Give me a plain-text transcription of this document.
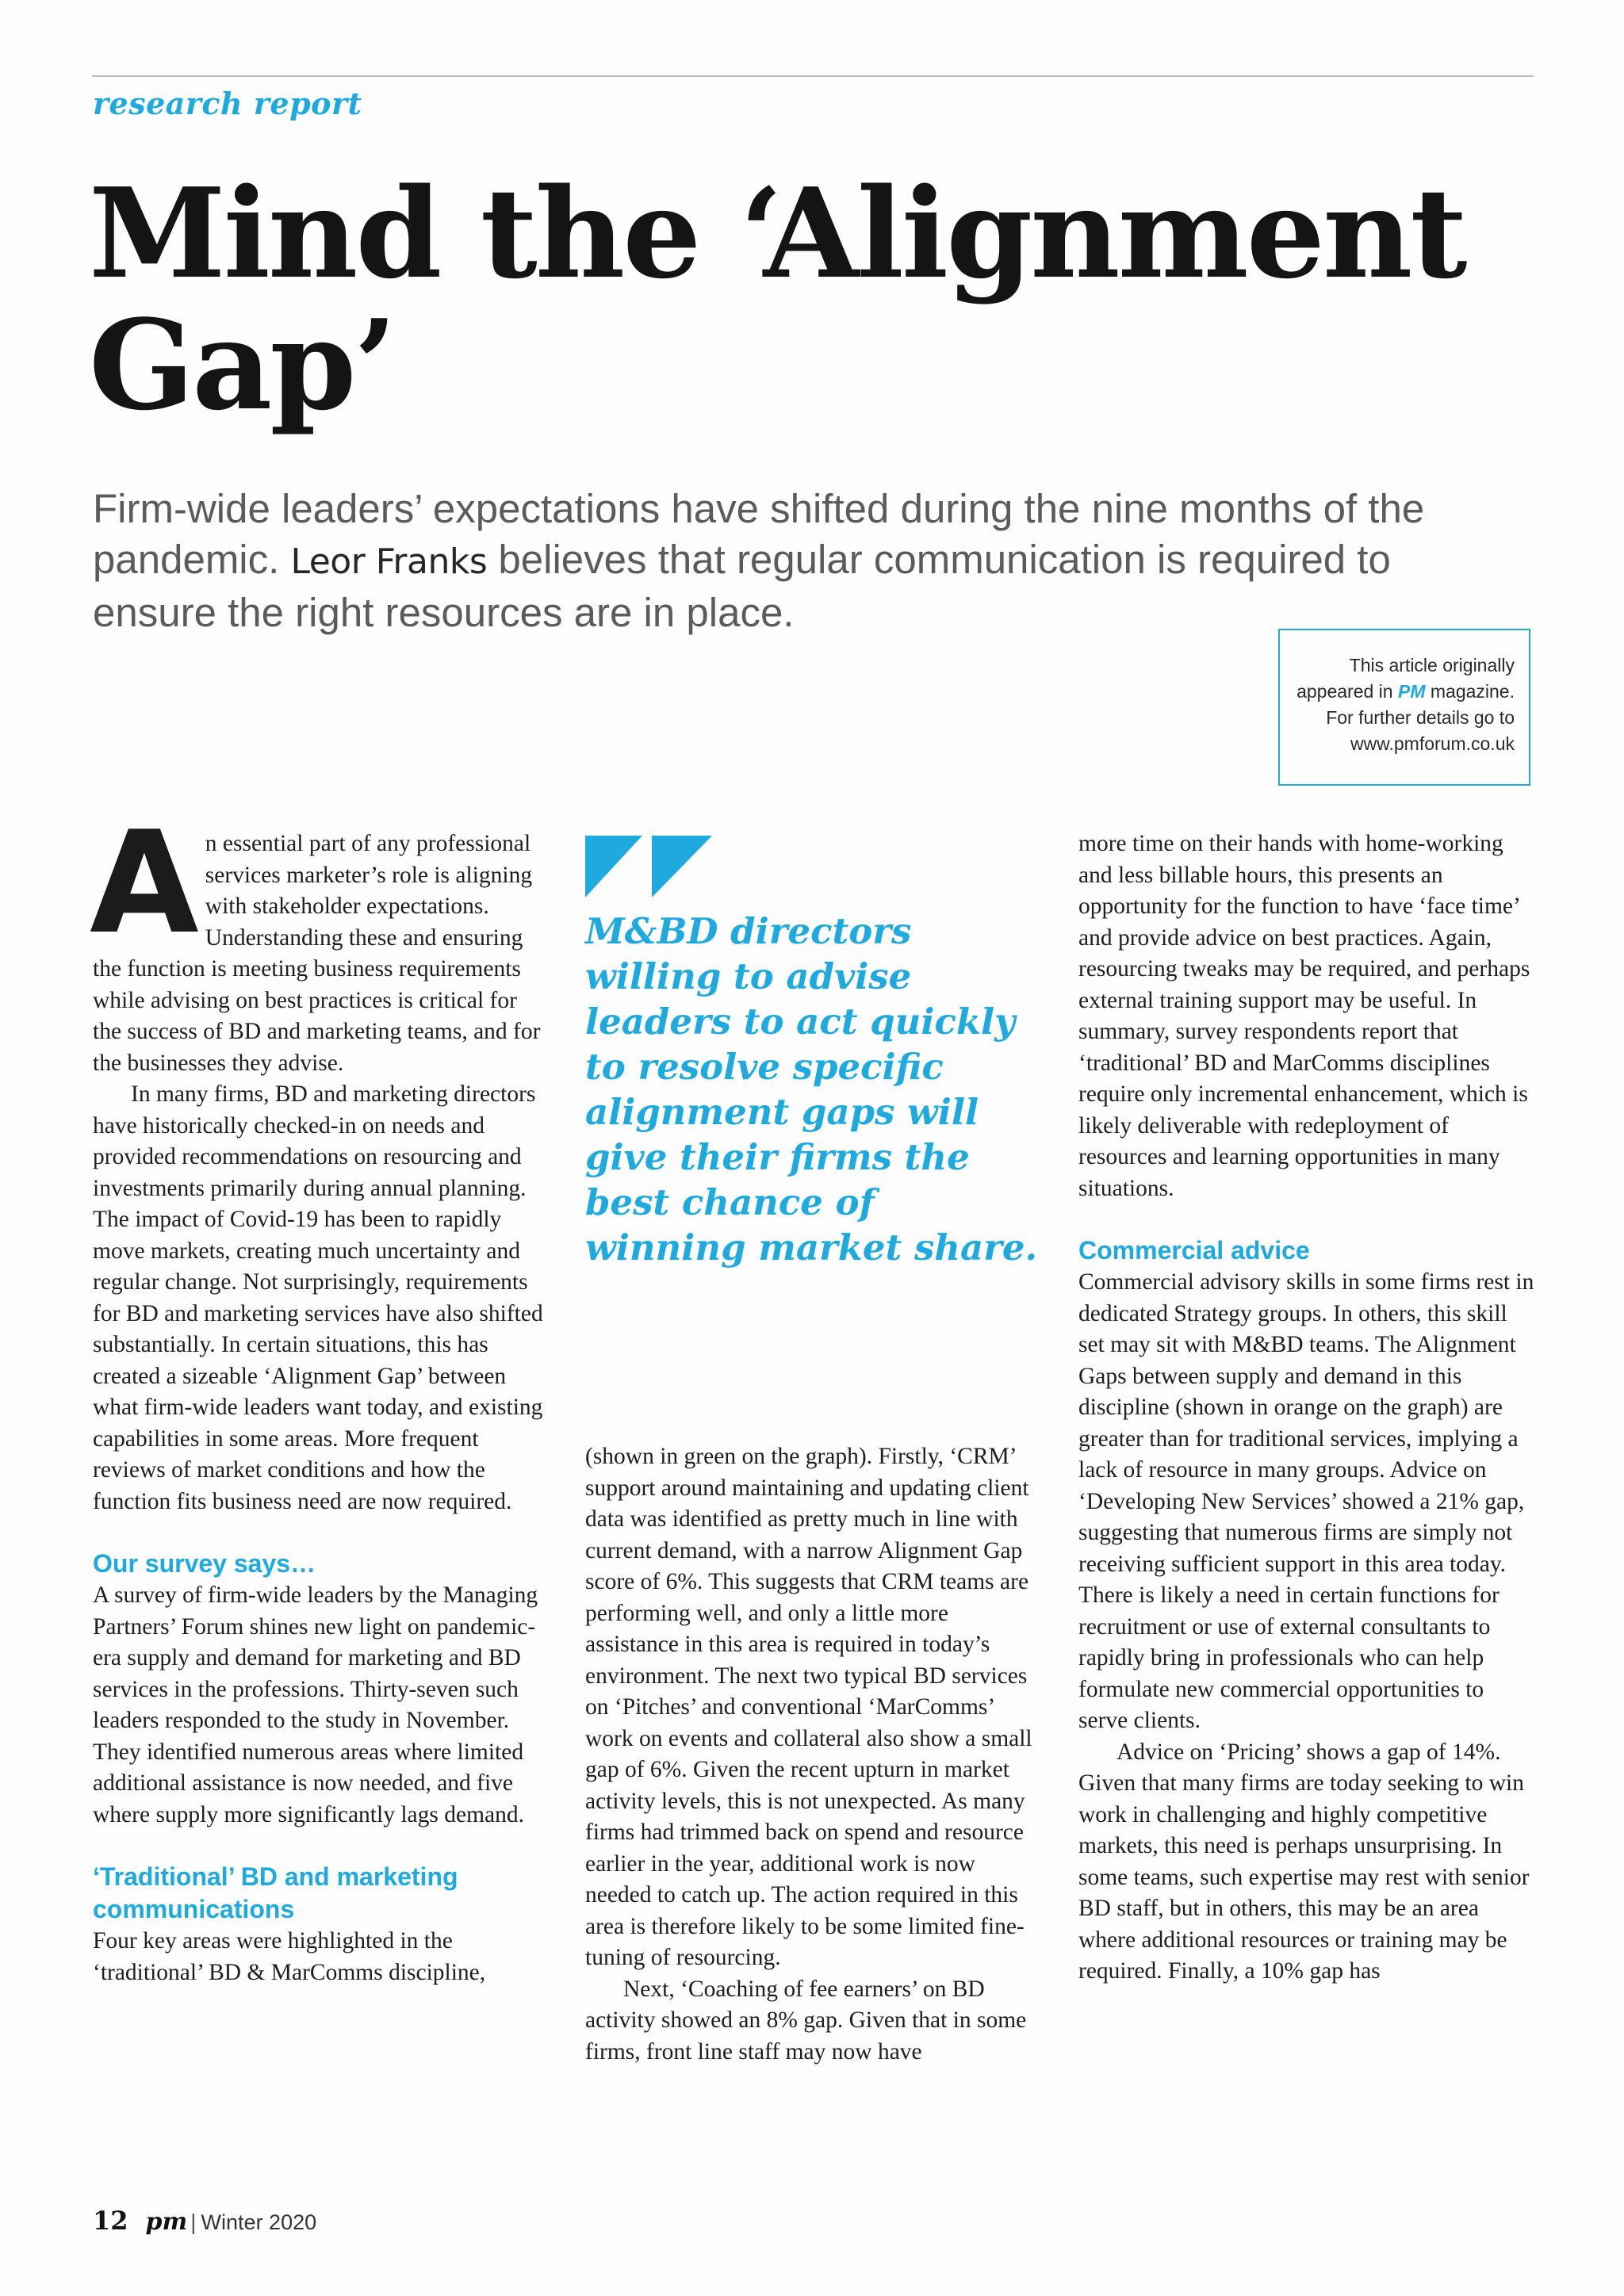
research report
Mind the ‘Alignment
Gap’
Firm-wide leaders’ expectations have shifted during the nine months of the pandemic. Leor Franks believes that regular communication is required to ensure the right resources are in place.
This article originally
appeared in PM magazine.
For further details go to
www.pmforum.co.uk

An essential part of any professional services marketer’s role is aligning with stakeholder expectations. Understanding these and ensuring the function is meeting business requirements while advising on best practices is critical for the success of BD and marketing teams, and for the businesses they advise.

In many firms, BD and marketing directors have historically checked-in on needs and provided recommendations on resourcing and investments primarily during annual planning. The impact of Covid-19 has been to rapidly move markets, creating much uncertainty and regular change. Not surprisingly, requirements for BD and marketing services have also shifted substantially. In certain situations, this has created a sizeable ‘Alignment Gap’ between what firm-wide leaders want today, and existing capabilities in some areas. More frequent reviews of market conditions and how the function fits business need are now required.

Our survey says…

A survey of firm-wide leaders by the Managing Partners’ Forum shines new light on pandemic-era supply and demand for marketing and BD services in the professions. Thirty-seven such leaders responded to the study in November. They identified numerous areas where limited additional assistance is now needed, and five where supply more significantly lags demand.

‘Traditional’ BD and marketing communications

Four key areas were highlighted in the ‘traditional’ BD & MarComms discipline,

M&BD directors willing to advise leaders to act quickly to resolve specific alignment gaps will give their firms the best chance of winning market share.

(shown in green on the graph). Firstly, ‘CRM’ support around maintaining and updating client data was identified as pretty much in line with current demand, with a narrow Alignment Gap score of 6%. This suggests that CRM teams are performing well, and only a little more assistance in this area is required in today’s environment. The next two typical BD services on ‘Pitches’ and conventional ‘MarComms’ work on events and collateral also show a small gap of 6%. Given the recent upturn in market activity levels, this is not unexpected. As many firms had trimmed back on spend and resource earlier in the year, additional work is now needed to catch up. The action required in this area is therefore likely to be some limited fine-tuning of resourcing.

Next, ‘Coaching of fee earners’ on BD activity showed an 8% gap. Given that in some firms, front line staff may now have

more time on their hands with home-working and less billable hours, this presents an opportunity for the function to have ‘face time’ and provide advice on best practices. Again, resourcing tweaks may be required, and perhaps external training support may be useful. In summary, survey respondents report that ‘traditional’ BD and MarComms disciplines require only incremental enhancement, which is likely deliverable with redeployment of resources and learning opportunities in many situations.

Commercial advice

Commercial advisory skills in some firms rest in dedicated Strategy groups. In others, this skill set may sit with M&BD teams. The Alignment Gaps between supply and demand in this discipline (shown in orange on the graph) are greater than for traditional services, implying a lack of resource in many groups. Advice on ‘Developing New Services’ showed a 21% gap, suggesting that numerous firms are simply not receiving sufficient support in this area today. There is likely a need in certain functions for recruitment or use of external consultants to rapidly bring in professionals who can help formulate new commercial opportunities to serve clients.

Advice on ‘Pricing’ shows a gap of 14%. Given that many firms are today seeking to win work in challenging and highly competitive markets, this need is perhaps unsurprising. In some teams, such expertise may rest with senior BD staff, but in others, this may be an area where additional resources or training may be required. Finally, a 10% gap has

12 pm | Winter 2020
